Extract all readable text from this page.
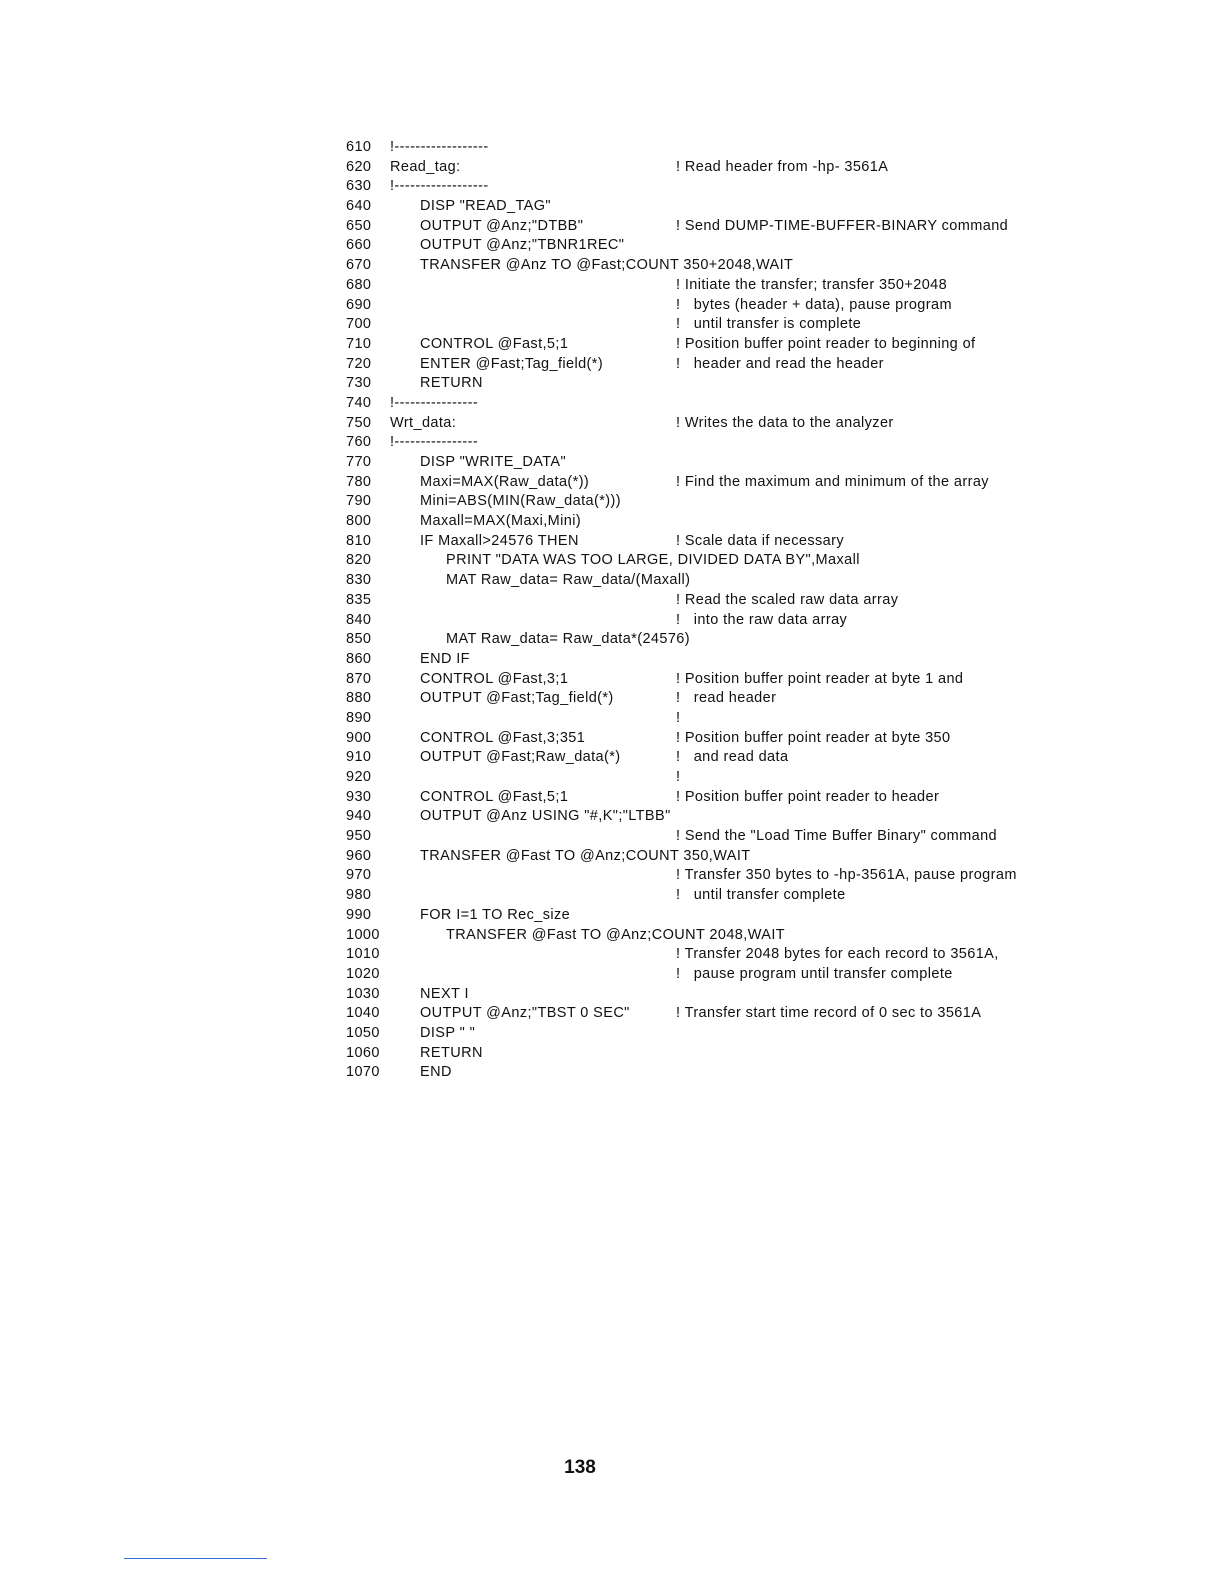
610 !------------------
620 Read_tag:	! Read header from -hp- 3561A
630 !------------------
640	DISP "READ_TAG"
650	OUTPUT @Anz;"DTBB"	! Send DUMP-TIME-BUFFER-BINARY command
660	OUTPUT @Anz;"TBNR1REC"
670	TRANSFER @Anz TO @Fast;COUNT 350+2048,WAIT
680	! Initiate the transfer; transfer 350+2048
690	!   bytes (header + data), pause program
700	!   until transfer is complete
710	CONTROL @Fast,5;1	! Position buffer point reader to beginning of
720	ENTER @Fast;Tag_field(*)	!   header and read the header
730	RETURN
740 !----------------
750 Wrt_data:	! Writes the data to the analyzer
760 !----------------
770	DISP "WRITE_DATA"
780	Maxi=MAX(Raw_data(*))	! Find the maximum and minimum of the array
790	Mini=ABS(MIN(Raw_data(*)))
800	Maxall=MAX(Maxi,Mini)
810	IF Maxall>24576 THEN	! Scale data if necessary
820	PRINT "DATA WAS TOO LARGE, DIVIDED DATA BY",Maxall
830	MAT Raw_data= Raw_data/(Maxall)
835	! Read the scaled raw data array
840	!   into the raw data array
850	MAT Raw_data= Raw_data*(24576)
860	END IF
870	CONTROL @Fast,3;1	! Position buffer point reader at byte 1 and
880	OUTPUT @Fast;Tag_field(*)	!   read header
890	!
900	CONTROL @Fast,3;351	! Position buffer point reader at byte 350
910	OUTPUT @Fast;Raw_data(*)	!   and read data
920	!
930	CONTROL @Fast,5;1	! Position buffer point reader to header
940	OUTPUT @Anz USING "#,K";"LTBB"
950	! Send the "Load Time Buffer Binary" command
960	TRANSFER @Fast TO @Anz;COUNT 350,WAIT
970	! Transfer 350 bytes to -hp-3561A, pause program
980	!   until transfer complete
990	FOR I=1 TO Rec_size
1000	TRANSFER @Fast TO @Anz;COUNT 2048,WAIT
1010	! Transfer 2048 bytes for each record to 3561A,
1020	!   pause program until transfer complete
1030	NEXT I
1040	OUTPUT @Anz;"TBST 0 SEC"	! Transfer start time record of 0 sec to 3561A
1050	DISP " "
1060	RETURN
1070	END
138
